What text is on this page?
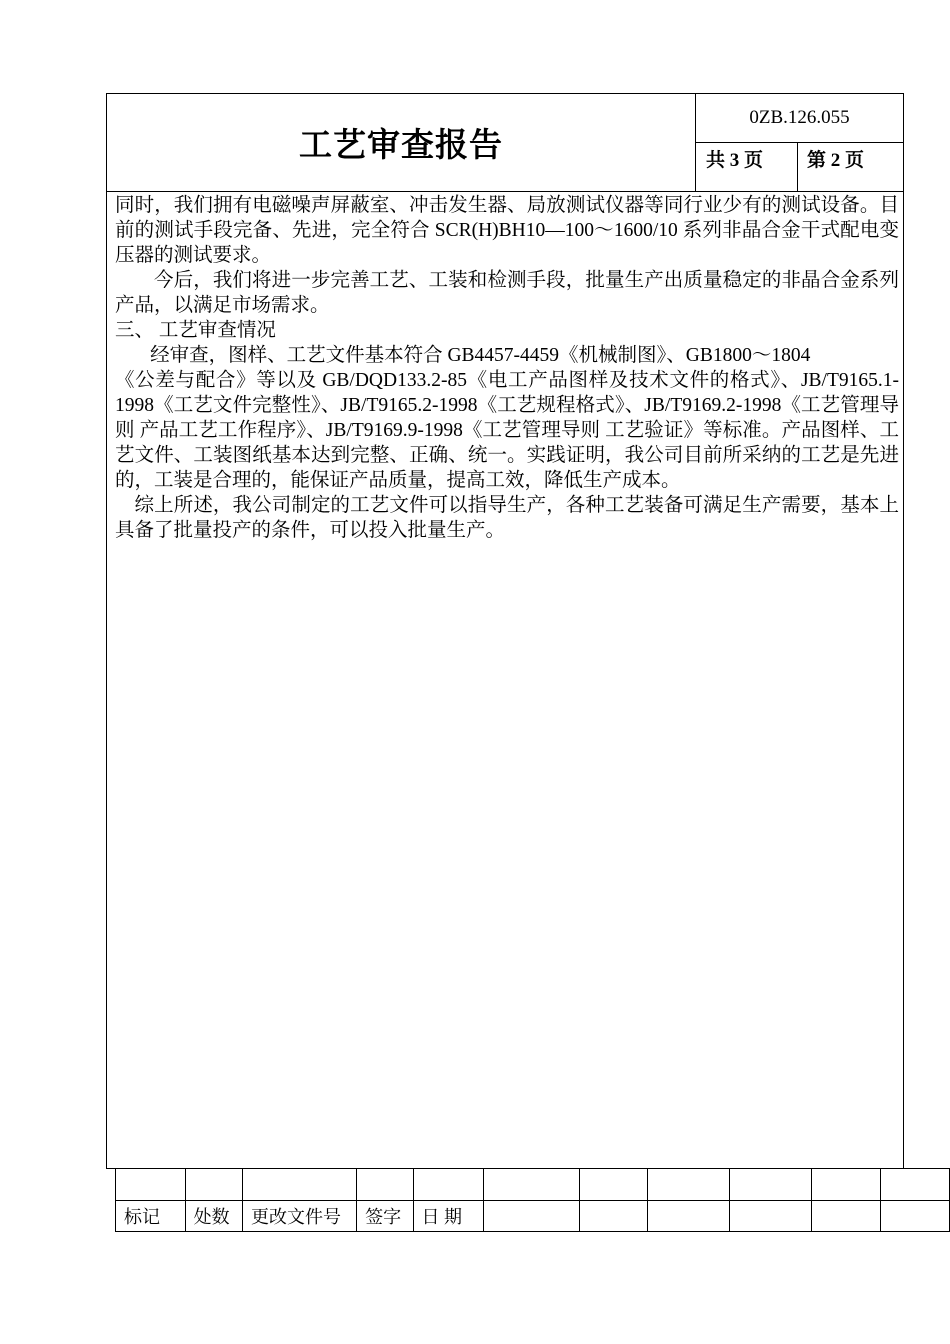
工艺审查报告
0ZB.126.055
共 3 页	第 2 页

同时，我们拥有电磁噪声屏蔽室、冲击发生器、局放测试仪器等同行业少有的测试设备。目前的测试手段完备、先进，完全符合 SCR(H)BH10—100～1600/10 系列非晶合金干式配电变压器的测试要求。

今后，我们将进一步完善工艺、工装和检测手段，批量生产出质量稳定的非晶合金系列产品，以满足市场需求。

三、 工艺审查情况

经审查，图样、工艺文件基本符合 GB4457-4459《机械制图》、GB1800～1804

《公差与配合》等以及 GB/DQD133.2-85《电工产品图样及技术文件的格式》、JB/T9165.1-1998《工艺文件完整性》、JB/T9165.2-1998《工艺规程格式》、JB/T9169.2-1998《工艺管理导则 产品工艺工作程序》、JB/T9169.9-1998《工艺管理导则 工艺验证》等标准。产品图样、工艺文件、工装图纸基本达到完整、正确、统一。实践证明，我公司目前所采纳的工艺是先进的，工装是合理的，能保证产品质量，提高工效，降低生产成本。

综上所述，我公司制定的工艺文件可以指导生产，各种工艺装备可满足生产需要，基本上具备了批量投产的条件，可以投入批量生产。

标记	处数	更改文件号	签字	日 期						
